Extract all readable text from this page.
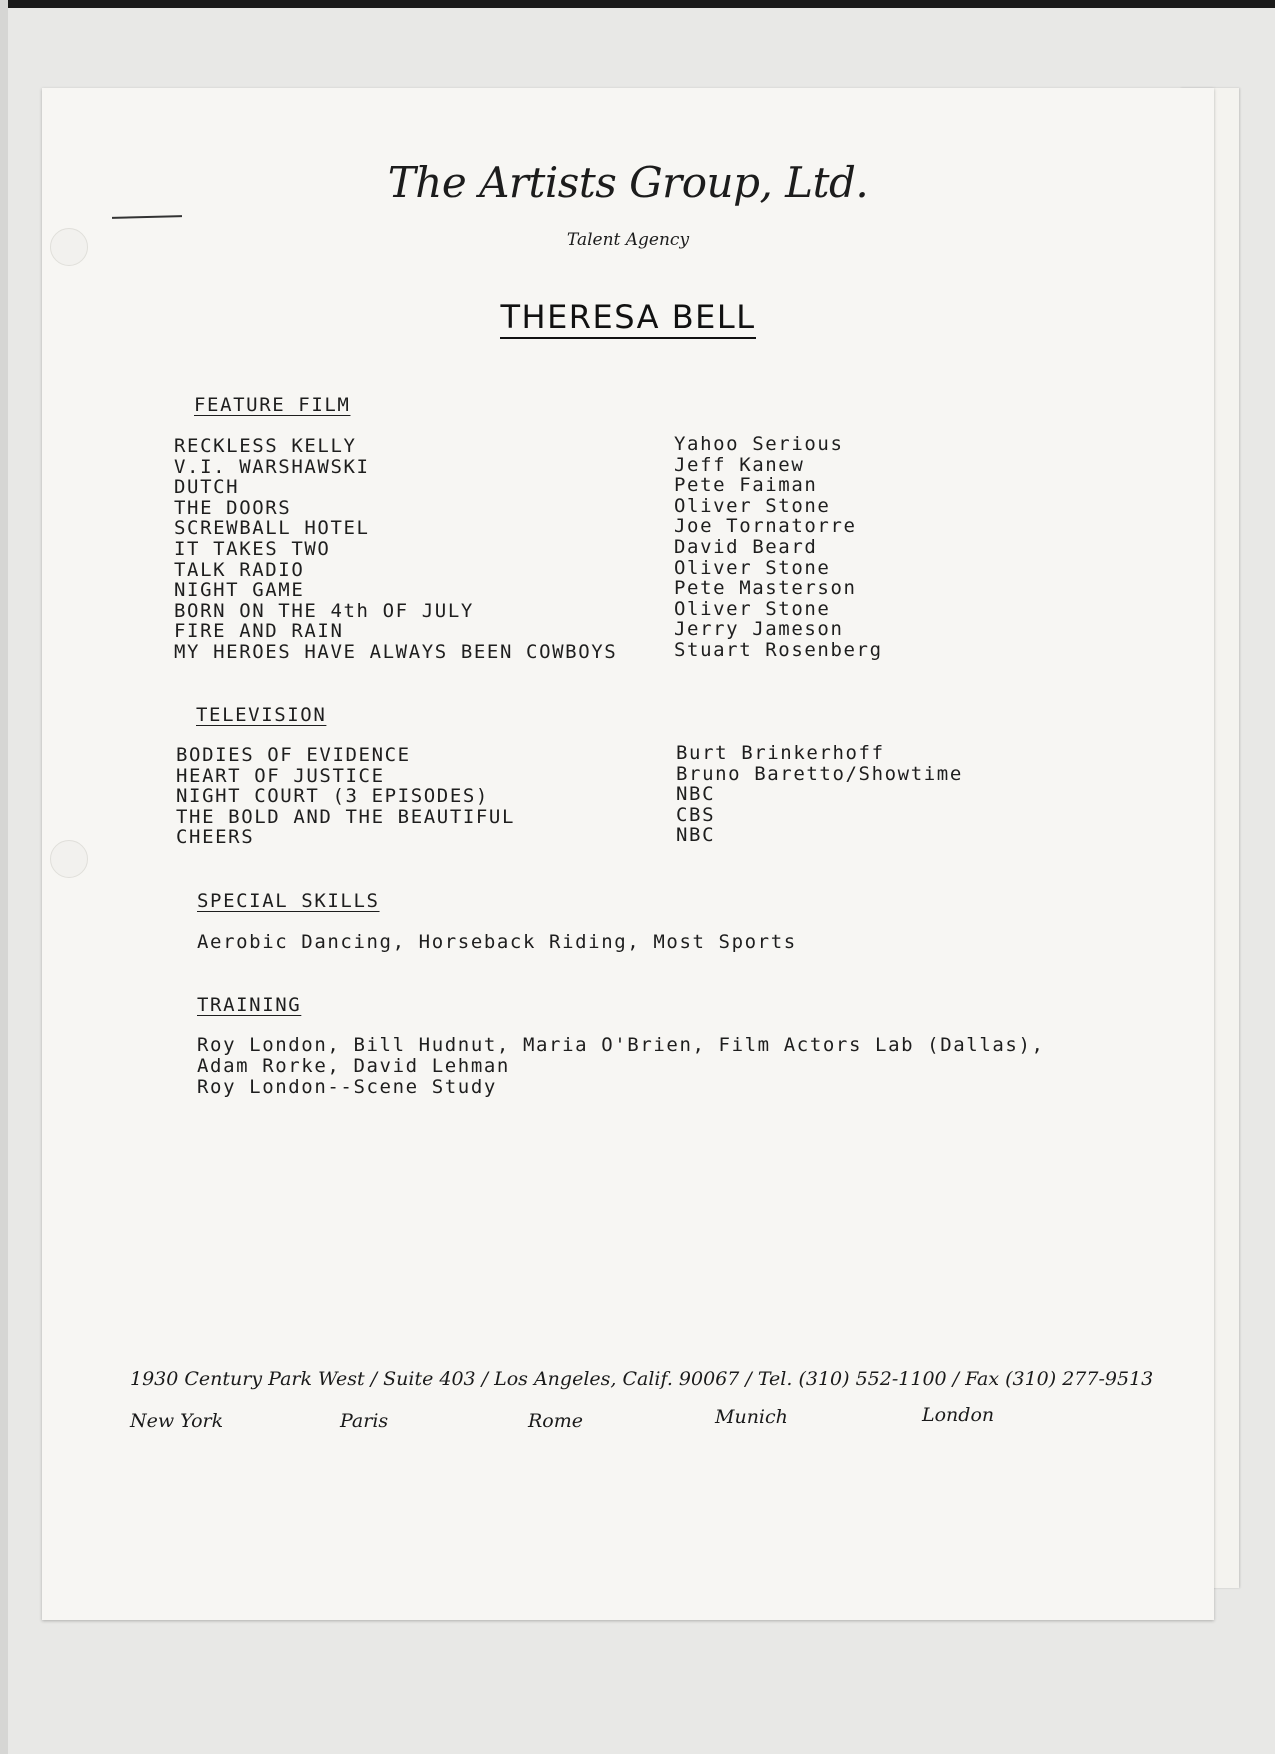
The Artists Group, Ltd.
Talent Agency
THERESA BELL
FEATURE FILM
RECKLESS KELLY	Yahoo Serious
V.I. WARSHAWSKI	Jeff Kanew
DUTCH	Pete Faiman
THE DOORS	Oliver Stone
SCREWBALL HOTEL	Joe Tornatorre
IT TAKES TWO	David Beard
TALK RADIO	Oliver Stone
NIGHT GAME	Pete Masterson
BORN ON THE 4th OF JULY	Oliver Stone
FIRE AND RAIN	Jerry Jameson
MY HEROES HAVE ALWAYS BEEN COWBOYS	Stuart Rosenberg
TELEVISION
BODIES OF EVIDENCE	Burt Brinkerhoff
HEART OF JUSTICE	Bruno Baretto/Showtime
NIGHT COURT (3 EPISODES)	NBC
THE BOLD AND THE BEAUTIFUL	CBS
CHEERS	NBC
SPECIAL SKILLS
Aerobic Dancing, Horseback Riding, Most Sports
TRAINING
Roy London, Bill Hudnut, Maria O'Brien, Film Actors Lab (Dallas),
Adam Rorke, David Lehman
Roy London--Scene Study
1930 Century Park West / Suite 403 / Los Angeles, Calif. 90067 / Tel. (310) 552-1100 / Fax (310) 277-9513
New York	Paris	Rome	Munich	London
